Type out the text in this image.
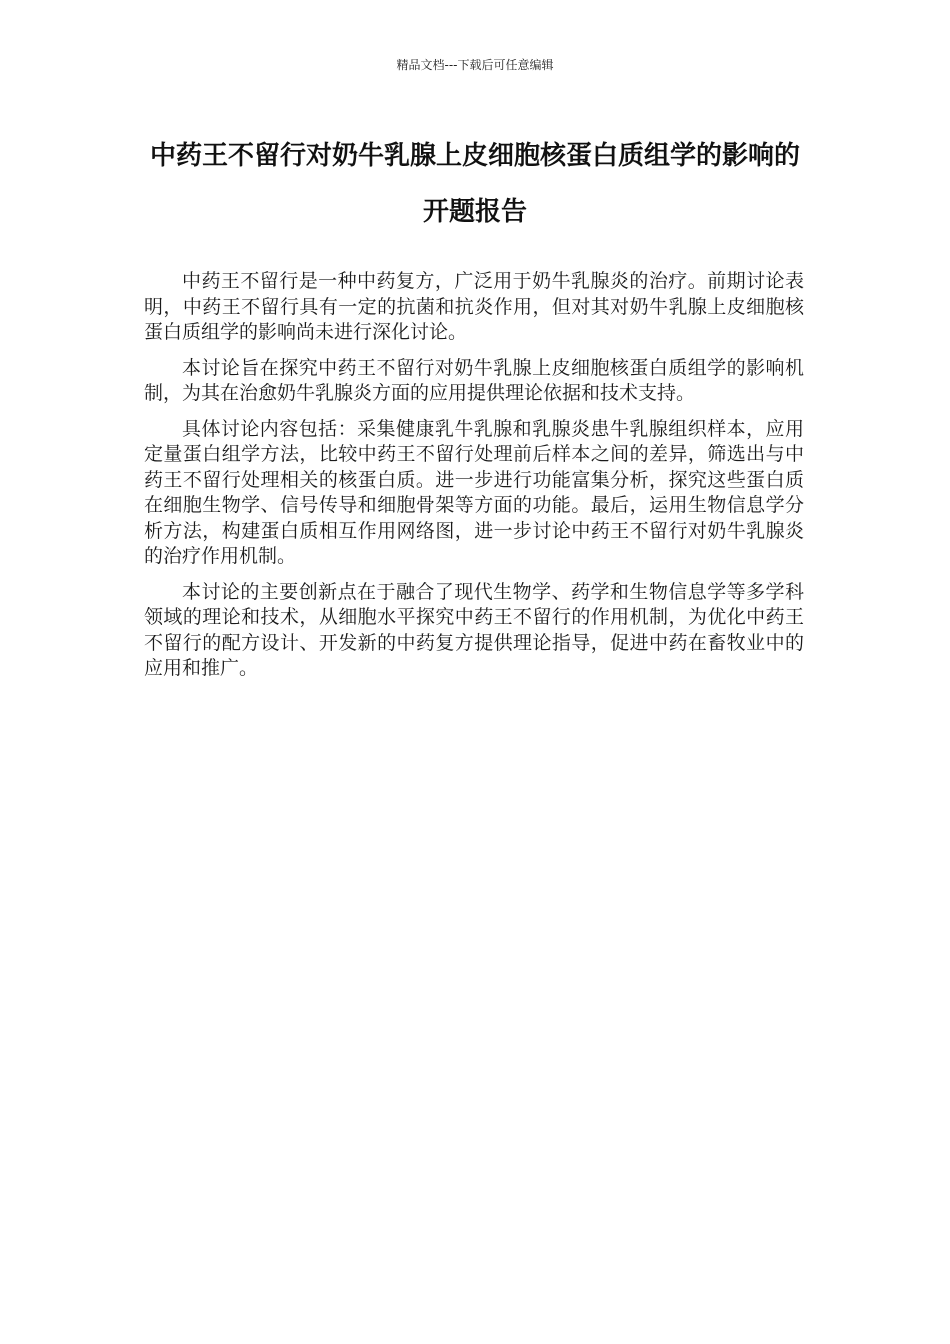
精品文档---下载后可任意编辑
中药王不留行对奶牛乳腺上皮细胞核蛋白质组学的影响的开题报告

中药王不留行是一种中药复方，广泛用于奶牛乳腺炎的治疗。前期讨论表明，中药王不留行具有一定的抗菌和抗炎作用，但对其对奶牛乳腺上皮细胞核蛋白质组学的影响尚未进行深化讨论。

本讨论旨在探究中药王不留行对奶牛乳腺上皮细胞核蛋白质组学的影响机制，为其在治愈奶牛乳腺炎方面的应用提供理论依据和技术支持。

具体讨论内容包括：采集健康乳牛乳腺和乳腺炎患牛乳腺组织样本，应用定量蛋白组学方法，比较中药王不留行处理前后样本之间的差异，筛选出与中药王不留行处理相关的核蛋白质。进一步进行功能富集分析，探究这些蛋白质在细胞生物学、信号传导和细胞骨架等方面的功能。最后，运用生物信息学分析方法，构建蛋白质相互作用网络图，进一步讨论中药王不留行对奶牛乳腺炎的治疗作用机制。

本讨论的主要创新点在于融合了现代生物学、药学和生物信息学等多学科领域的理论和技术，从细胞水平探究中药王不留行的作用机制，为优化中药王不留行的配方设计、开发新的中药复方提供理论指导，促进中药在畜牧业中的应用和推广。
